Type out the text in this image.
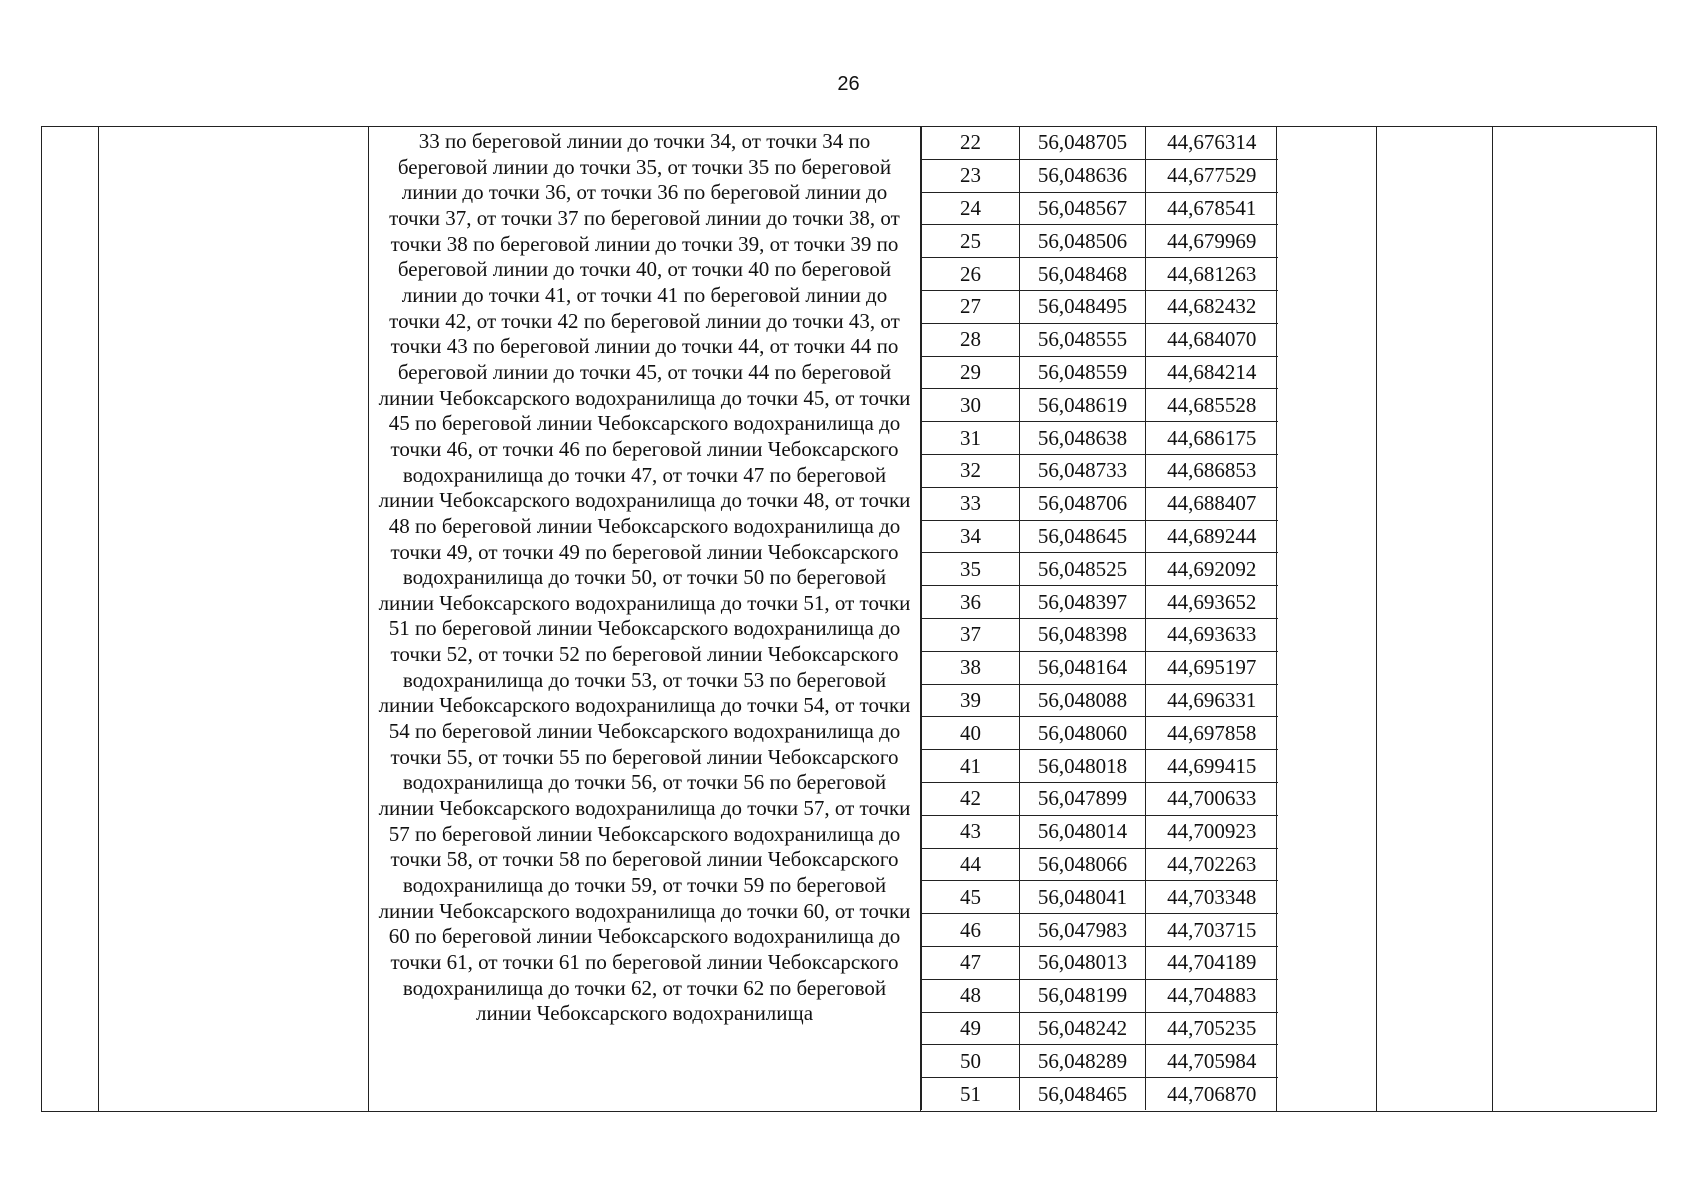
26
		33 по береговой линии до точки 34, от точки 34 по береговой линии до точки 35, от точки 35 по береговой линии до точки 36, от точки 36 по береговой линии до точки 37, от точки 37 по береговой линии до точки 38, от точки 38 по береговой линии до точки 39, от точки 39 по береговой линии до точки 40, от точки 40 по береговой линии до точки 41, от точки 41 по береговой линии до точки 42, от точки 42 по береговой линии до точки 43, от точки 43 по береговой линии до точки 44, от точки 44 по береговой линии до точки 45, от точки 44 по береговой линии Чебоксарского водохранилища до точки 45, от точки 45 по береговой линии Чебоксарского водохранилища до точки 46, от точки 46 по береговой линии Чебоксарского водохранилища до точки 47, от точки 47 по береговой линии Чебоксарского водохранилища до точки 48, от точки 48 по береговой линии Чебоксарского водохранилища до точки 49, от точки 49 по береговой линии Чебоксарского водохранилища до точки 50, от точки 50 по береговой линии Чебоксарского водохранилища до точки 51, от точки 51 по береговой линии Чебоксарского водохранилища до точки 52, от точки 52 по береговой линии Чебоксарского водохранилища до точки 53, от точки 53 по береговой линии Чебоксарского водохранилища до точки 54, от точки 54 по береговой линии Чебоксарского водохранилища до точки 55, от точки 55 по береговой линии Чебоксарского водохранилища до точки 56, от точки 56 по береговой линии Чебоксарского водохранилища до точки 57, от точки 57 по береговой линии Чебоксарского водохранилища до точки 58, от точки 58 по береговой линии Чебоксарского водохранилища до точки 59, от точки 59 по береговой линии Чебоксарского водохранилища до точки 60, от точки 60 по береговой линии Чебоксарского водохранилища до точки 61, от точки 61 по береговой линии Чебоксарского водохранилища до точки 62, от точки 62 по береговой линии Чебоксарского водохранилища	
22	56,048705	44,676314
23	56,048636	44,677529
24	56,048567	44,678541
25	56,048506	44,679969
26	56,048468	44,681263
27	56,048495	44,682432
28	56,048555	44,684070
29	56,048559	44,684214
30	56,048619	44,685528
31	56,048638	44,686175
32	56,048733	44,686853
33	56,048706	44,688407
34	56,048645	44,689244
35	56,048525	44,692092
36	56,048397	44,693652
37	56,048398	44,693633
38	56,048164	44,695197
39	56,048088	44,696331
40	56,048060	44,697858
41	56,048018	44,699415
42	56,047899	44,700633
43	56,048014	44,700923
44	56,048066	44,702263
45	56,048041	44,703348
46	56,047983	44,703715
47	56,048013	44,704189
48	56,048199	44,704883
49	56,048242	44,705235
50	56,048289	44,705984
51	56,048465	44,706870
